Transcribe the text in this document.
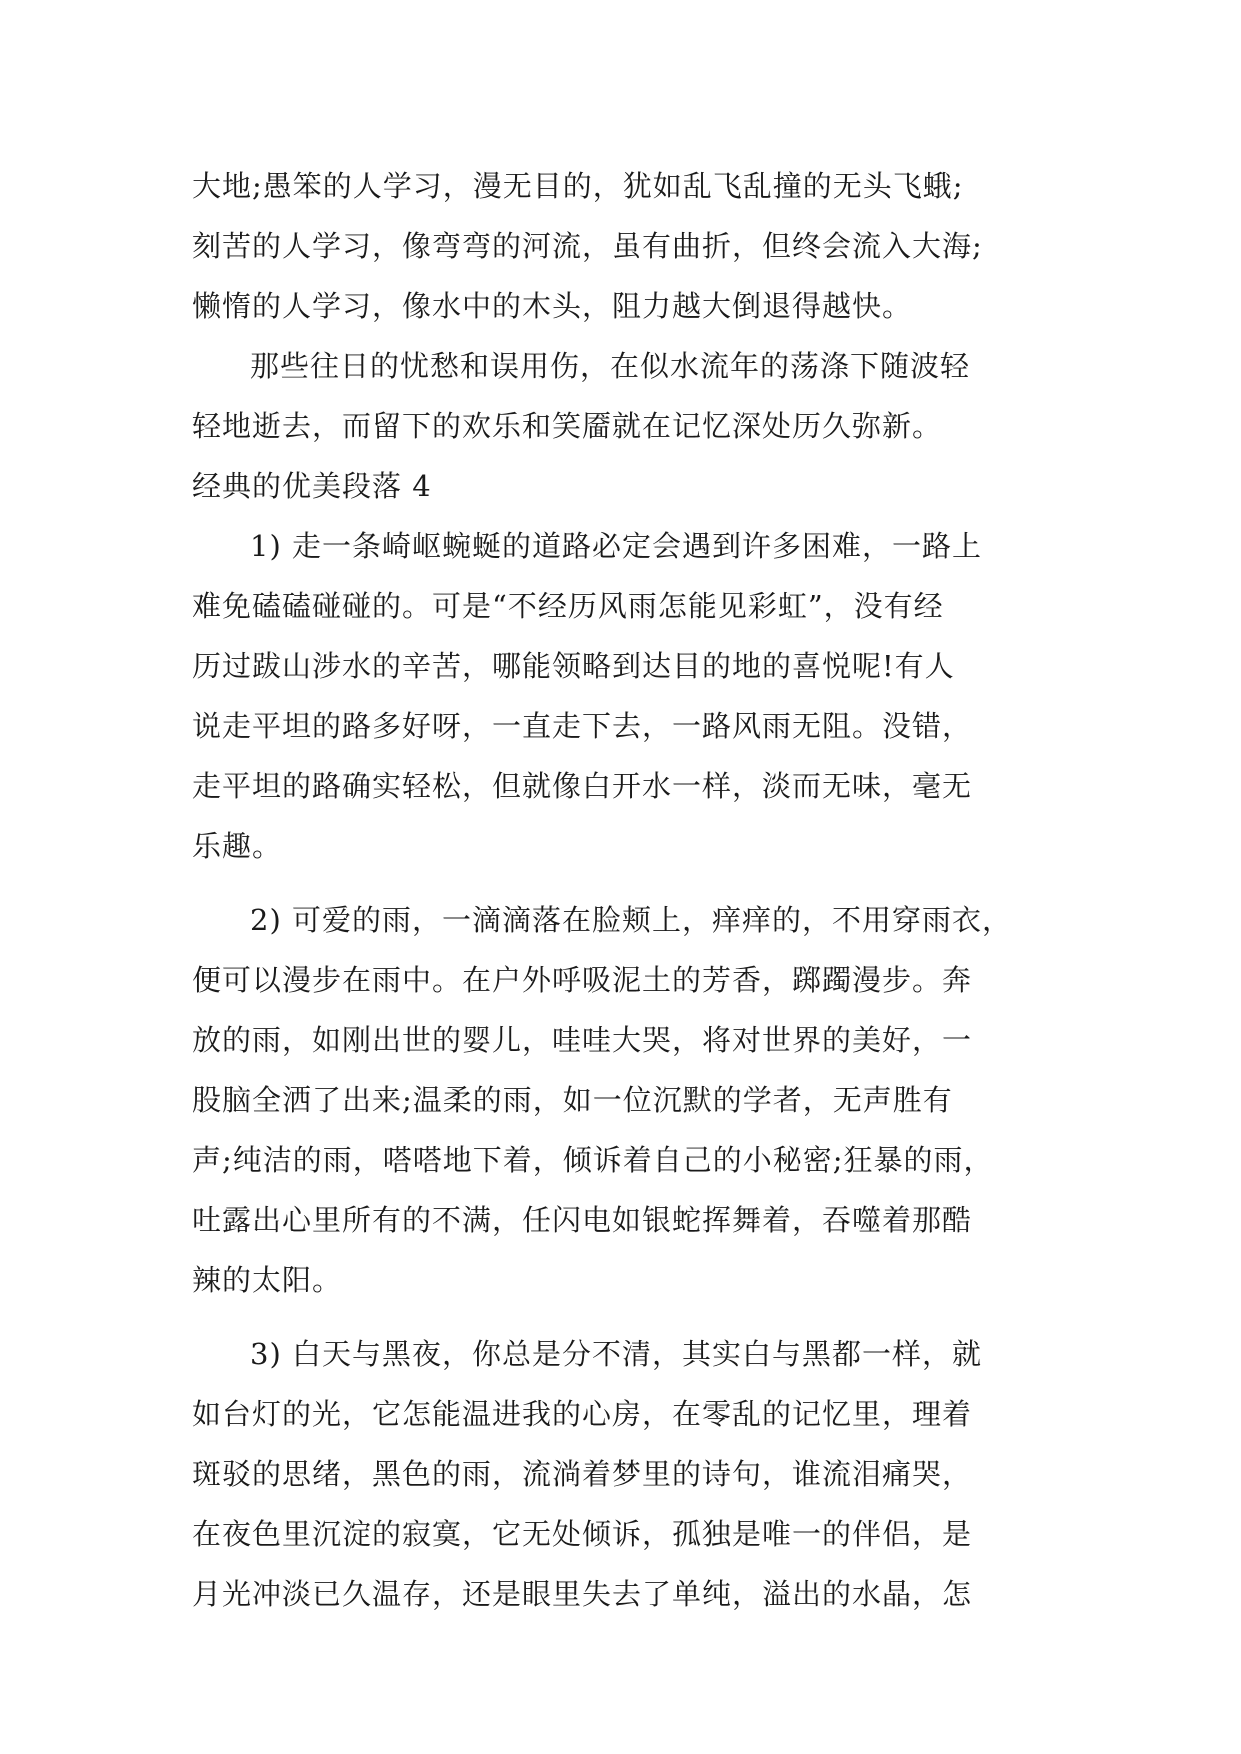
大地;愚笨的人学习，漫无目的，犹如乱飞乱撞的无头飞蛾;
刻苦的人学习，像弯弯的河流，虽有曲折，但终会流入大海;
懒惰的人学习，像水中的木头，阻力越大倒退得越快。

那些往日的忧愁和误用伤，在似水流年的荡涤下随波轻
轻地逝去，而留下的欢乐和笑靥就在记忆深处历久弥新。

经典的优美段落 4

1) 走一条崎岖蜿蜒的道路必定会遇到许多困难，一路上
难免磕磕碰碰的。可是“不经历风雨怎能见彩虹”，没有经
历过跋山涉水的辛苦，哪能领略到达目的地的喜悦呢!有人
说走平坦的路多好呀，一直走下去，一路风雨无阻。没错，
走平坦的路确实轻松，但就像白开水一样，淡而无味，毫无
乐趣。

2) 可爱的雨，一滴滴落在脸颊上，痒痒的，不用穿雨衣，
便可以漫步在雨中。在户外呼吸泥土的芳香，踯躅漫步。奔
放的雨，如刚出世的婴儿，哇哇大哭，将对世界的美好，一
股脑全洒了出来;温柔的雨，如一位沉默的学者，无声胜有
声;纯洁的雨，嗒嗒地下着，倾诉着自己的小秘密;狂暴的雨，
吐露出心里所有的不满，任闪电如银蛇挥舞着，吞噬着那酷
辣的太阳。

3) 白天与黑夜，你总是分不清，其实白与黑都一样，就
如台灯的光，它怎能温进我的心房，在零乱的记忆里，理着
斑驳的思绪，黑色的雨，流淌着梦里的诗句，谁流泪痛哭，
在夜色里沉淀的寂寞，它无处倾诉，孤独是唯一的伴侣，是
月光冲淡已久温存，还是眼里失去了单纯，溢出的水晶，怎
